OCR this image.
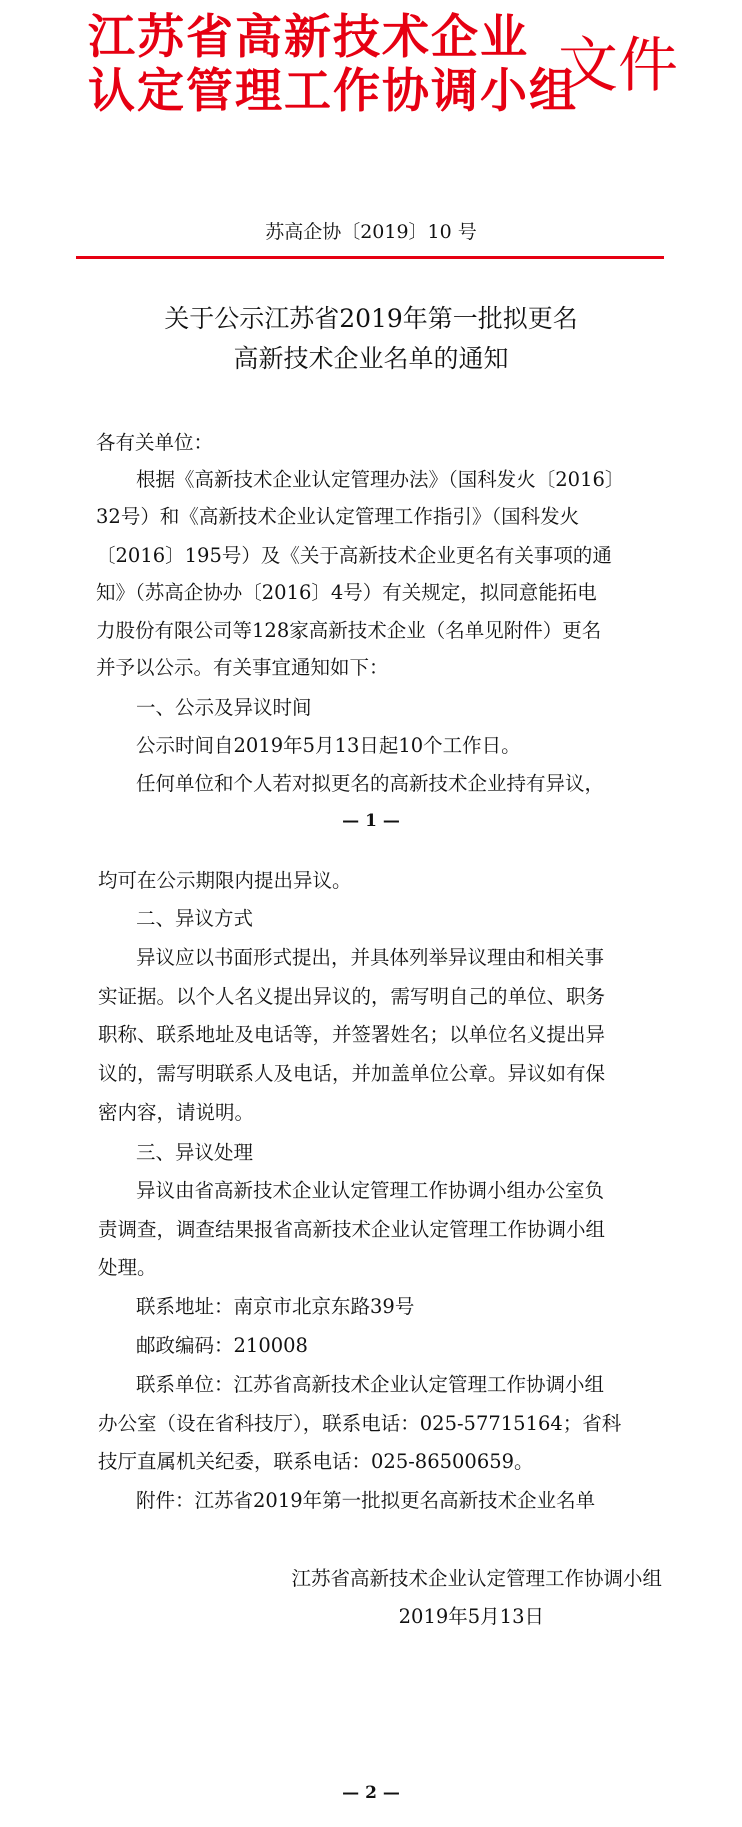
江苏省高新技术企业
认定管理工作协调小组
文件
苏高企协〔2019〕10 号
关于公示江苏省2019年第一批拟更名
高新技术企业名单的通知
各有关单位：
根据《高新技术企业认定管理办法》（国科发火〔2016〕
32号）和《高新技术企业认定管理工作指引》（国科发火
〔2016〕195号）及《关于高新技术企业更名有关事项的通
知》（苏高企协办〔2016〕4号）有关规定，拟同意能拓电
力股份有限公司等128家高新技术企业（名单见附件）更名
并予以公示。有关事宜通知如下：
一、公示及异议时间
公示时间自2019年5月13日起10个工作日。
任何单位和个人若对拟更名的高新技术企业持有异议，
— 1 —
均可在公示期限内提出异议。
二、异议方式
异议应以书面形式提出，并具体列举异议理由和相关事
实证据。以个人名义提出异议的，需写明自己的单位、职务
职称、联系地址及电话等，并签署姓名；以单位名义提出异
议的，需写明联系人及电话，并加盖单位公章。异议如有保
密内容，请说明。
三、异议处理
异议由省高新技术企业认定管理工作协调小组办公室负
责调查，调查结果报省高新技术企业认定管理工作协调小组
处理。
联系地址：南京市北京东路39号
邮政编码：210008
联系单位：江苏省高新技术企业认定管理工作协调小组
办公室（设在省科技厅），联系电话：025-57715164；省科
技厅直属机关纪委，联系电话：025-86500659。
附件：江苏省2019年第一批拟更名高新技术企业名单
江苏省高新技术企业认定管理工作协调小组
2019年5月13日
— 2 —
